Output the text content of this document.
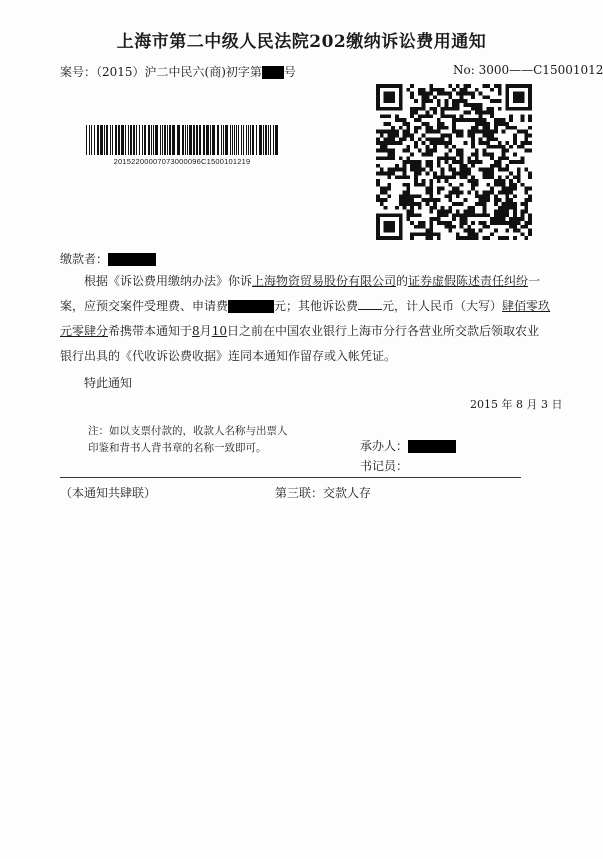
上海市第二中级人民法院202缴纳诉讼费用通知
案号：（2015）沪二中民六(商)初字第 号	No: 3000——C15001012
20152200007073000096C1500101219
缴款者：
根据《诉讼费用缴纳办法》你诉上海物资贸易股份有限公司的证券虚假陈述责任纠纷一
案，应预交案件受理费、申请费	元；其他诉讼费 元，计人民币（大写）肆佰零玖
元零肆分希携带本通知于8月10日之前在中国农业银行上海市分行各营业所交款后领取农业
银行出具的《代收诉讼费收据》连同本通知作留存或入帐凭证。
特此通知
2015 年 8 月 3 日
注：如以支票付款的，收款人名称与出票人
印鉴和背书人背书章的名称一致即可。	承办人：
书记员：
（本通知共肆联）	第三联：交款人存
